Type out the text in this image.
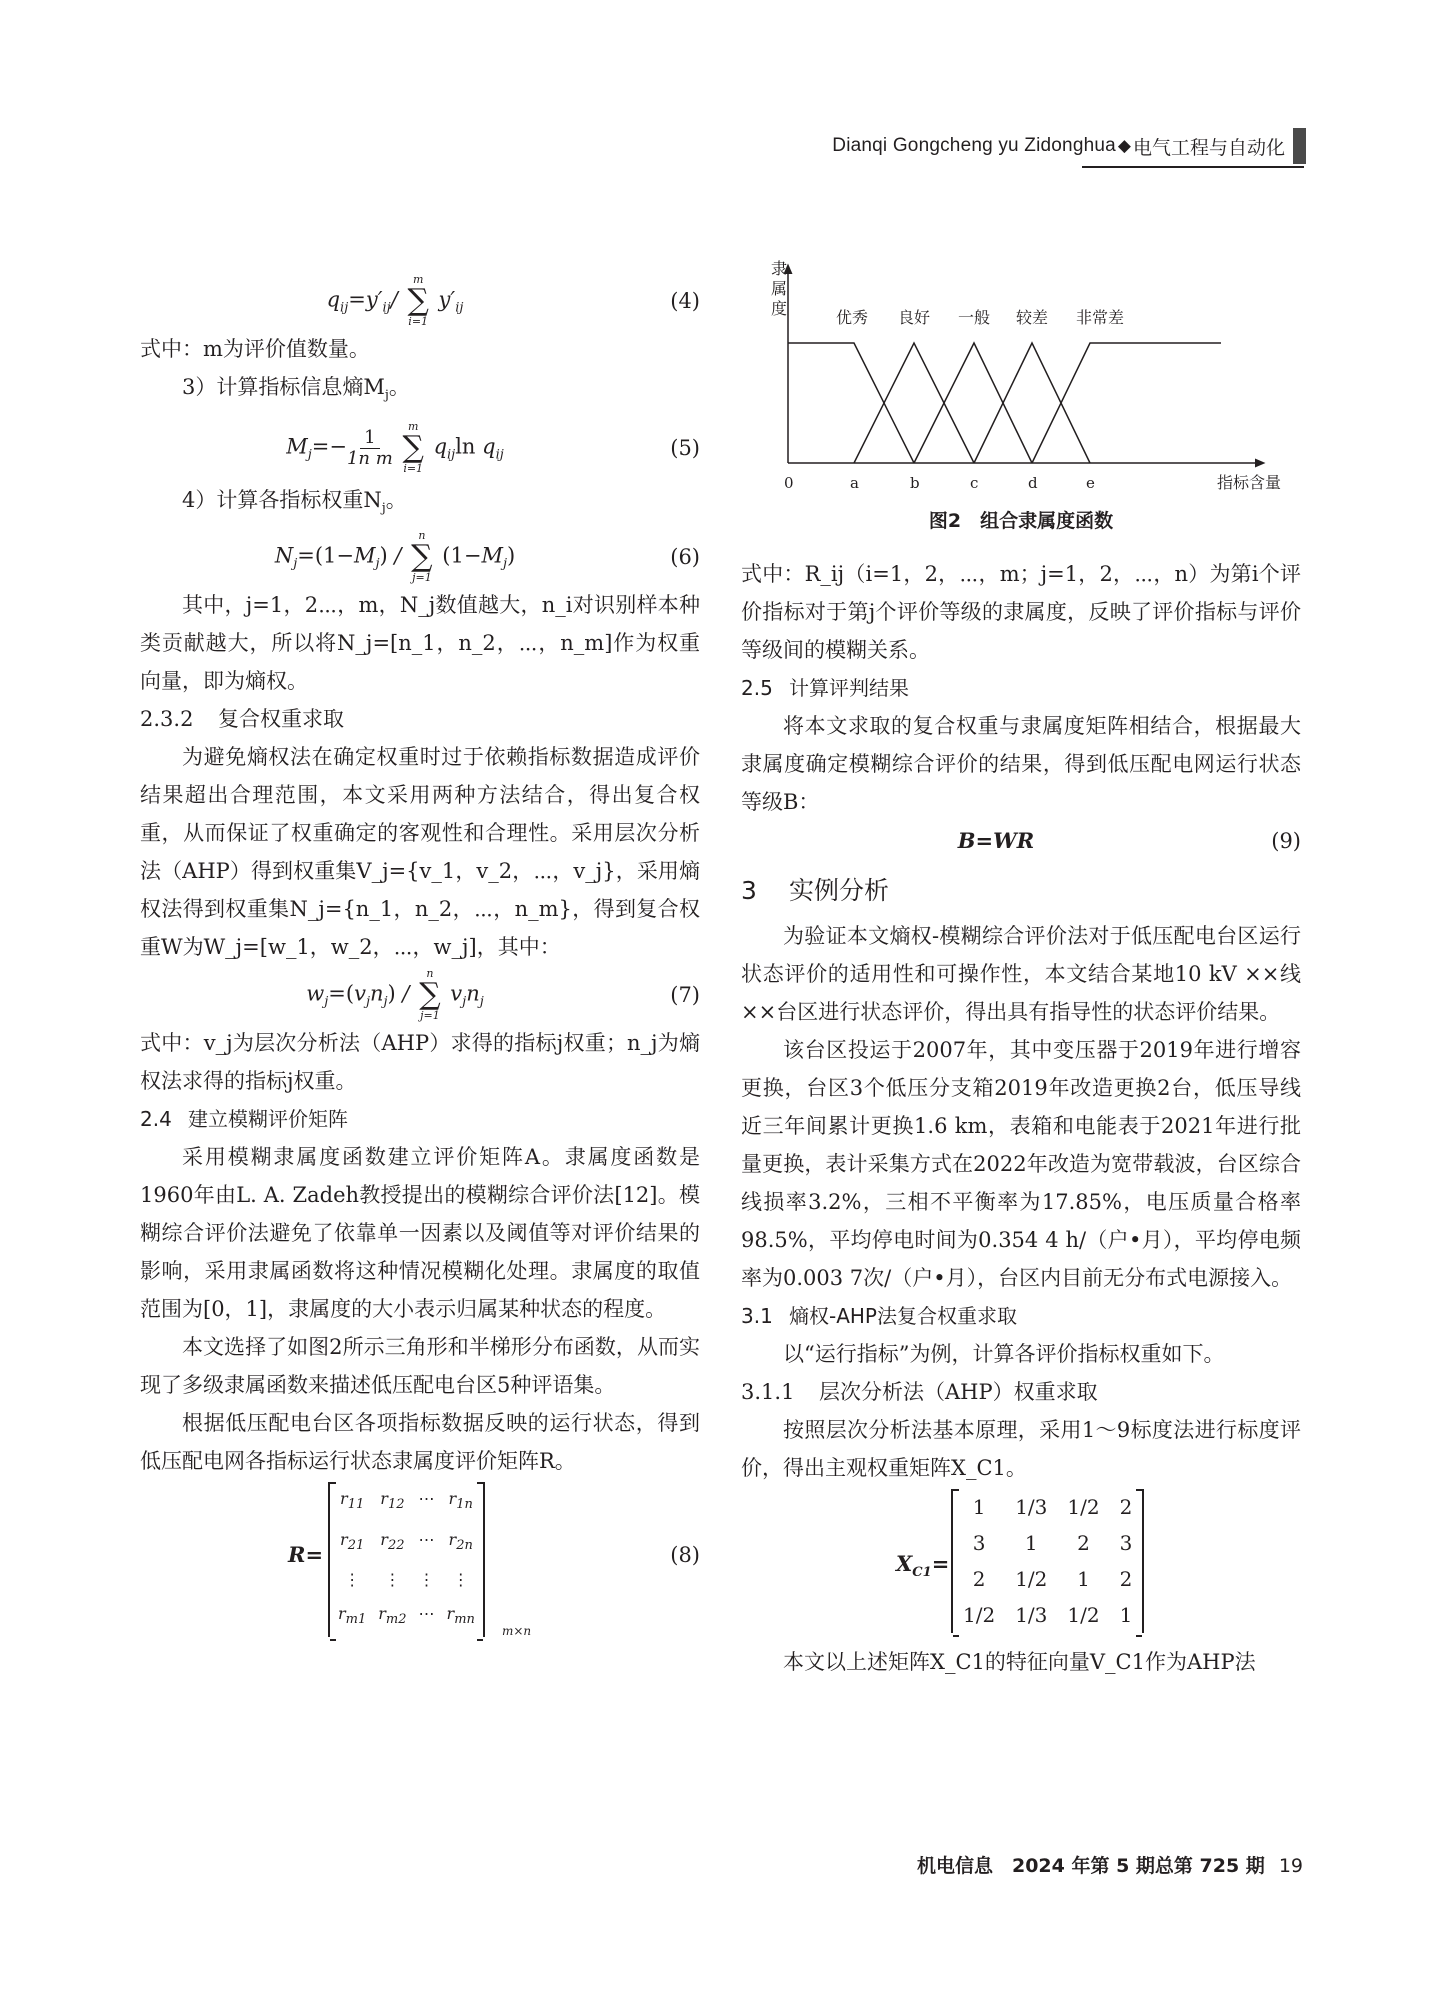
Dianqi Gongcheng yu Zidonghua ◆ 电气工程与自动化
$q_{ij}=y'_{ij}/$
m
∑
i=1
$y'_{ij}$	(4)

式中：m为评价值数量。

3）计算指标信息熵$M_j$。

$M_j=- \frac{1}{\text{1n m}}$

m
∑
i=1
$q_{ij}\ln$ $q_{ij}$	(5)

4）计算各指标权重$N_j$。

$N_j=(1-M_j)$ /
n
∑
j=1
$(1-M_j)$	(6)

其中，j=1，2⋯，m，N_j数值越大，n_i对识别样本种类贡献越大，所以将N_j=[n_1，n_2，⋯，n_m]作为权重向量，即为熵权。

2.3.2 复合权重求取

为避免熵权法在确定权重时过于依赖指标数据造成评价结果超出合理范围，本文采用两种方法结合，得出复合权重，从而保证了权重确定的客观性和合理性。采用层次分析法（AHP）得到权重集V_j={v_1，v_2，⋯，v_j}，采用熵权法得到权重集N_j={n_1，n_2，⋯，n_m}，得到复合权重W为W_j=[w_1，w_2，⋯，w_j]，其中：

$w_j=(v_jn_j)$ /
n
∑
j=1
$v_jn_j$	(7)

式中：v_j为层次分析法（AHP）求得的指标j权重；n_j为熵权法求得的指标j权重。

2.4 建立模糊评价矩阵

采用模糊隶属度函数建立评价矩阵A。隶属度函数是1960年由L. A. Zadeh教授提出的模糊综合评价法[12]。模糊综合评价法避免了依靠单一因素以及阈值等对评价结果的影响，采用隶属函数将这种情况模糊化处理。隶属度的取值范围为[0，1]，隶属度的大小表示归属某种状态的程度。

本文选择了如图2所示三角形和半梯形分布函数，从而实现了多级隶属函数来描述低压配电台区5种评语集。

根据低压配电台区各项指标数据反映的运行状态，得到低压配电网各指标运行状态隶属度评价矩阵R。

R=
$r_{11}$ $r_{12}$ ⋯ $r_{1n}$
$r_{21}$ $r_{22}$ ⋯ $r_{2n}$
⋮	⋮	⋮	⋮
$r_{m1}$ $r_{m2}$ ⋯ $r_{mn}$
m×n
(8)
隶
属
度	优秀 良好 一般 较差 非常差
0	a	b	c	d	e	指标含量
图2　组合隶属度函数

式中：R_ij（i=1，2，⋯，m；j=1，2，⋯，n）为第i个评价指标对于第j个评价等级的隶属度，反映了评价指标与评价等级间的模糊关系。

2.5 计算评判结果

将本文求取的复合权重与隶属度矩阵相结合，根据最大隶属度确定模糊综合评价的结果，得到低压配电网运行状态等级B：

B=WR	(9)

3 实例分析

为验证本文熵权-模糊综合评价法对于低压配电台区运行状态评价的适用性和可操作性，本文结合某地10 kV ××线××台区进行状态评价，得出具有指导性的状态评价结果。

该台区投运于2007年，其中变压器于2019年进行增容更换，台区3个低压分支箱2019年改造更换2台，低压导线近三年间累计更换1.6 km，表箱和电能表于2021年进行批量更换，表计采集方式在2022年改造为宽带载波，台区综合线损率3.2%，三相不平衡率为17.85%，电压质量合格率98.5%，平均停电时间为0.354 4 h/（户•月），平均停电频率为0.003 7次/（户•月），台区内目前无分布式电源接入。

3.1 熵权-AHP法复合权重求取

以“运行指标”为例，计算各评价指标权重如下。

3.1.1 层次分析法（AHP）权重求取

按照层次分析法基本原理，采用1～9标度法进行标度评价，得出主观权重矩阵X_C1。

$X_{C1}=$
1	1/3 1/2 2
3	1	2	3
2	1/2	1	2
1/2 1/3 1/2 1

本文以上述矩阵X_C1的特征向量V_C1作为AHP法

机电信息　2024 年第 5 期总第 725 期 19
